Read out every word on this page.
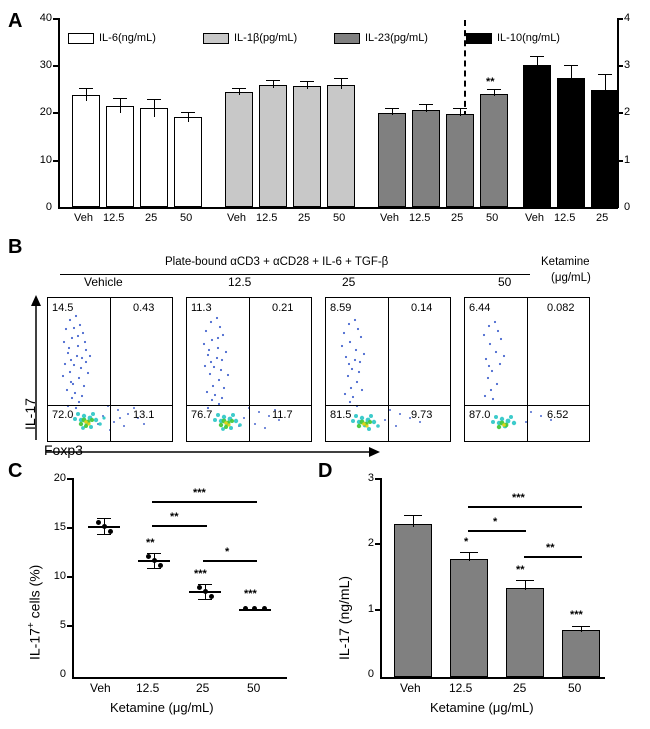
A	40
30
20
10
0
4
3
2
1
0
IL-6(ng/mL)	IL-1β(pg/mL)	IL-23(pg/mL)	IL-10(ng/mL)
Veh 12.5 25 50	Veh 12.5 25 50
**
Veh 12.5 25 50 Veh 12.5 25
B
Plate-bound αCD3 + αCD28 + IL-6 + TGF-β	Ketamine
(μg/mL)
Vehicle	12.5	25	50
IL-17
Foxp3
14.5	0.43
72.0	13.1
11.3	0.21
76.7	11.7
8.59	0.14
81.5	9.73
6.44	0.082
87.0	6.52
C	20
15
10
5
0
IL-17+ cells (%)
Ketamine (μg/mL)
Veh 12.5	25	50
**
***
***
***
**
*
D	3
2
1
0
IL-17 (ng/mL)
Ketamine (μg/mL)
Veh 12.5	25	50
*
**
***
***
*
**
